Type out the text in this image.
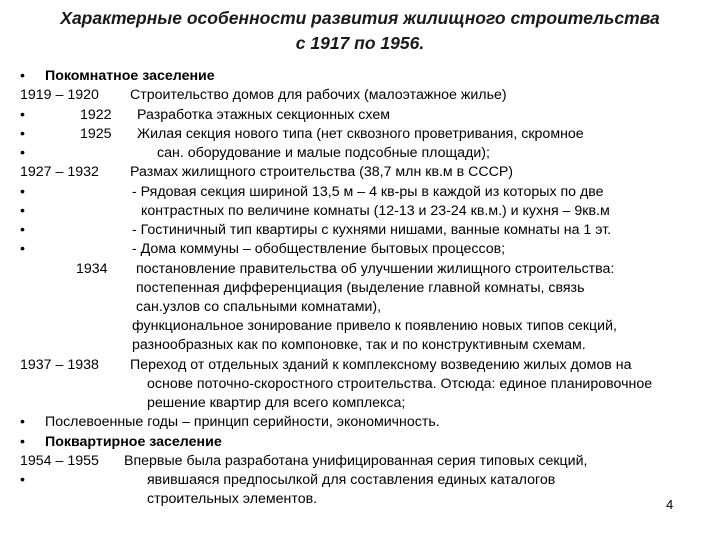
Характерные особенности развития жилищного строительства
с 1917 по 1956.
• Покомнатное заселение
1919 – 1920 Строительство домов для рабочих (малоэтажное жилье)
•	1922 Разработка этажных секционных схем
•	1925 Жилая секция нового типа (нет сквозного проветривания, скромное
•	сан. оборудование и малые подсобные площади);
1927 – 1932 Размах жилищного строительства (38,7 млн кв.м в СССР)
•	- Рядовая секция шириной 13,5 м – 4 кв-ры в каждой из которых по две
•	контрастных по величине комнаты (12-13 и 23-24 кв.м.) и кухня – 9кв.м
•	- Гостиничный тип квартиры с кухнями нишами, ванные комнаты на 1 эт.
•	- Дома коммуны – обобществление бытовых процессов;
1934 постановление правительства об улучшении жилищного строительства:
постепенная дифференциация (выделение главной комнаты, связь
сан.узлов со спальными комнатами),
функциональное зонирование привело к появлению новых типов секций,
разнообразных как по компоновке, так и по конструктивным схемам.
1937 – 1938 Переход от отдельных зданий к комплексному возведению жилых домов на
основе поточно-скоростного строительства. Отсюда: единое планировочное
решение квартир для всего комплекса;
• Послевоенные годы – принцип серийности, экономичность.
• Поквартирное заселение
1954 – 1955 Впервые была разработана унифицированная серия типовых секций,
•	явившаяся предпосылкой для составления единых каталогов
строительных элементов.	4
